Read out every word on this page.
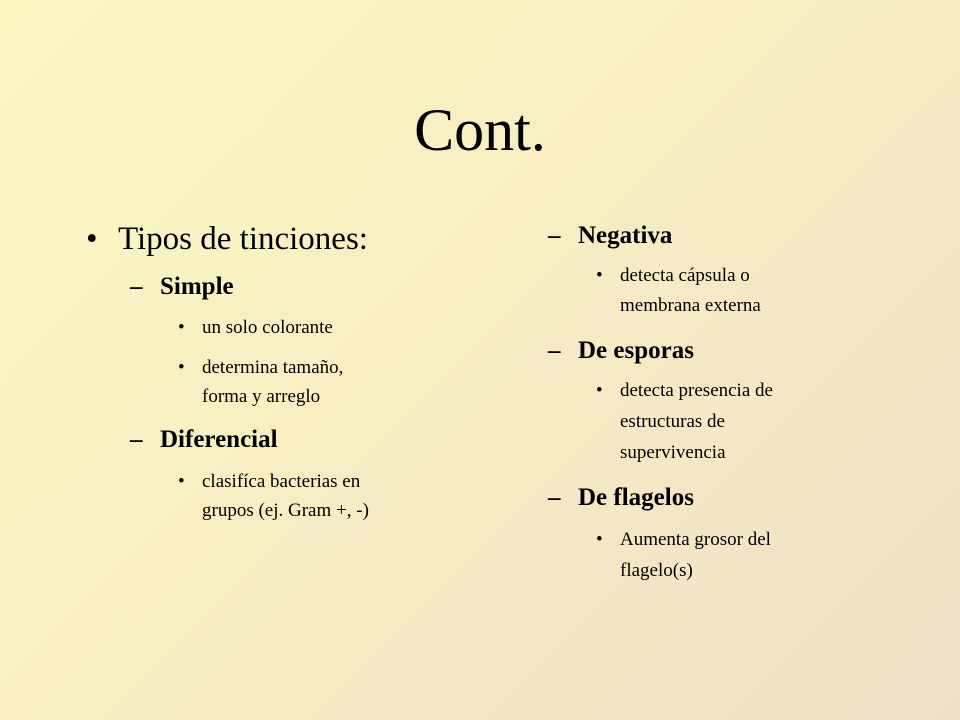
Cont.
• Tipos de tinciones:
– Simple
• un solo colorante
• determina tamaño,
forma y arreglo
– Diferencial
• clasifíca bacterias en
grupos (ej. Gram +, -)
– Negativa
• detecta cápsula o
membrana externa
– De esporas
• detecta presencia de
estructuras de
supervivencia
– De flagelos
• Aumenta grosor del
flagelo(s)
